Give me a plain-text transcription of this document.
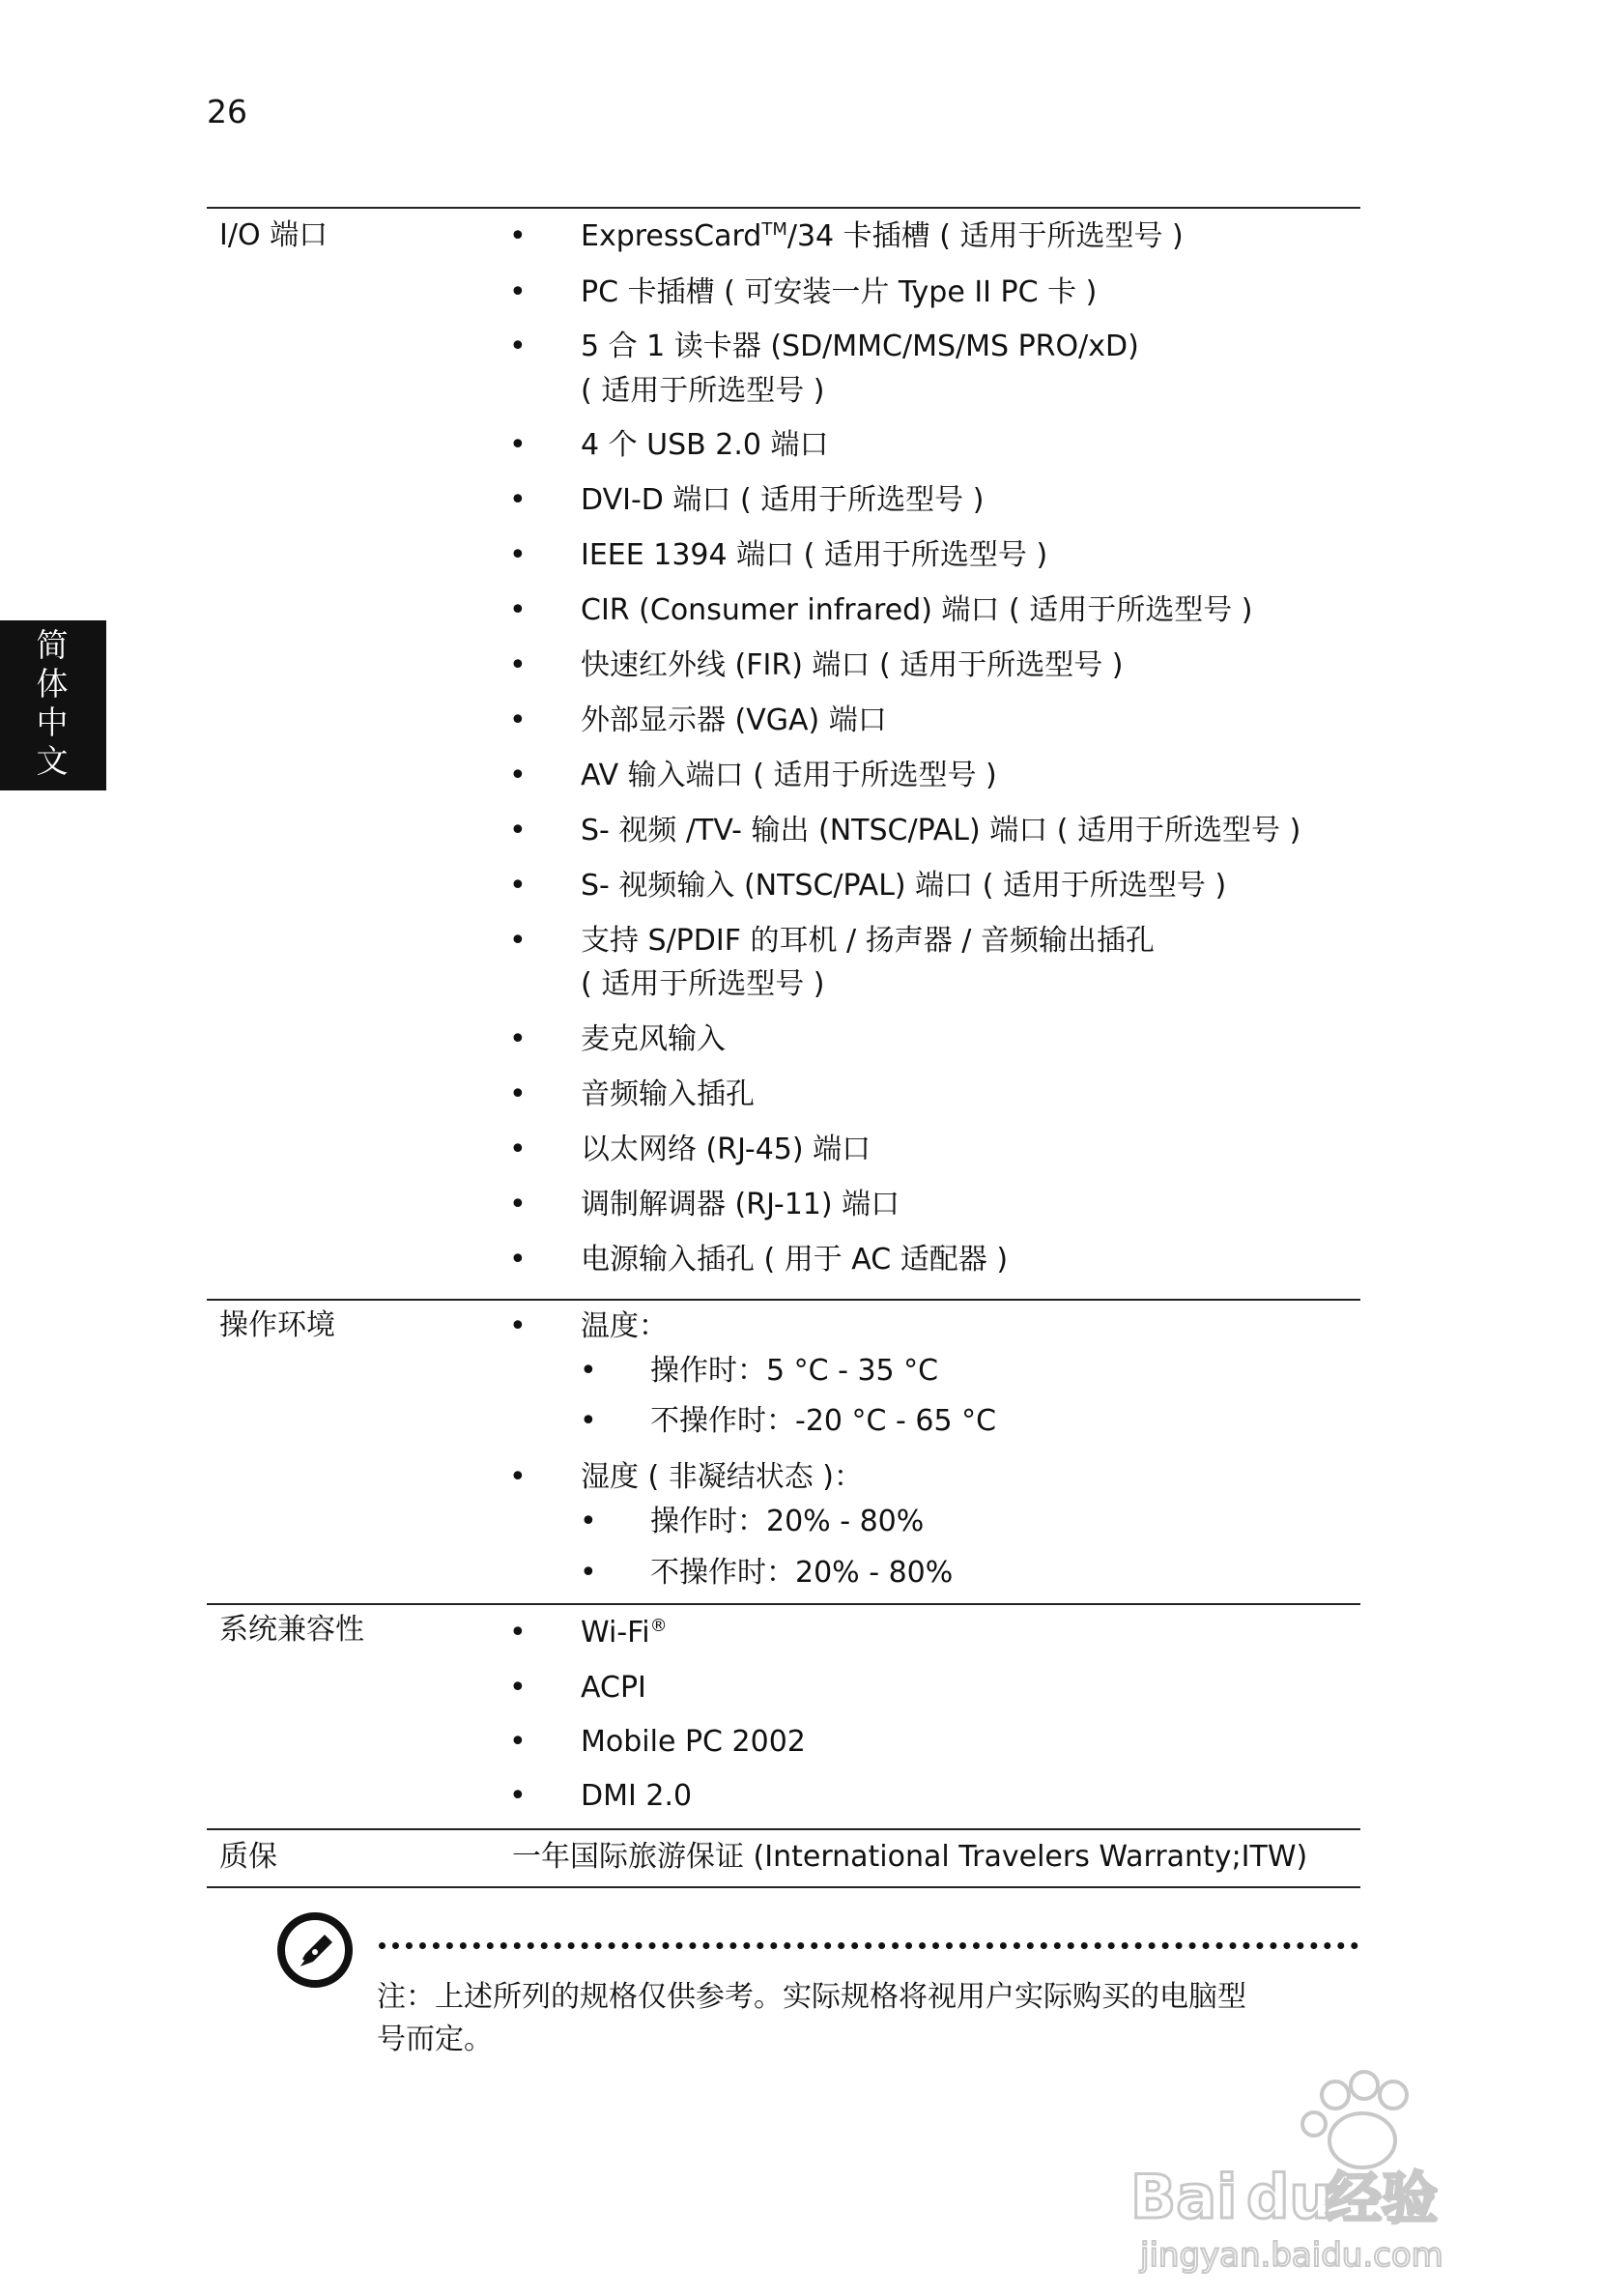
26
简
体
中
文
I/O 端口	• ExpressCard™/34 卡插槽 ( 适用于所选型号 )
• PC 卡插槽 ( 可安装一片 Type II PC 卡 )
• 5 合 1 读卡器 (SD/MMC/MS/MS PRO/xD)
( 适用于所选型号 )
• 4 个 USB 2.0 端口
• DVI-D 端口 ( 适用于所选型号 )
• IEEE 1394 端口 ( 适用于所选型号 )
• CIR (Consumer infrared) 端口 ( 适用于所选型号 )
• 快速红外线 (FIR) 端口 ( 适用于所选型号 )
• 外部显示器 (VGA) 端口
• AV 输入端口 ( 适用于所选型号 )
• S- 视频 /TV- 输出 (NTSC/PAL) 端口 ( 适用于所选型号 )
• S- 视频输入 (NTSC/PAL) 端口 ( 适用于所选型号 )
• 支持 S/PDIF 的耳机 / 扬声器 / 音频输出插孔
( 适用于所选型号 )
• 麦克风输入
• 音频输入插孔
• 以太网络 (RJ-45) 端口
• 调制解调器 (RJ-11) 端口
• 电源输入插孔 ( 用于 AC 适配器 )
操作环境	• 温度：
• 操作时：5 °C - 35 °C
• 不操作时：-20 °C - 65 °C
• 湿度 ( 非凝结状态 )：
• 操作时：20% - 80%
• 不操作时：20% - 80%
系统兼容性	• Wi-Fi®
• ACPI
• Mobile PC 2002
• DMI 2.0
质保	一年国际旅游保证 (International Travelers Warranty;ITW)
注：上述所列的规格仅供参考。实际规格将视用户实际购买的电脑型
号而定。
Bai du
经验
jingyan.baidu.com
